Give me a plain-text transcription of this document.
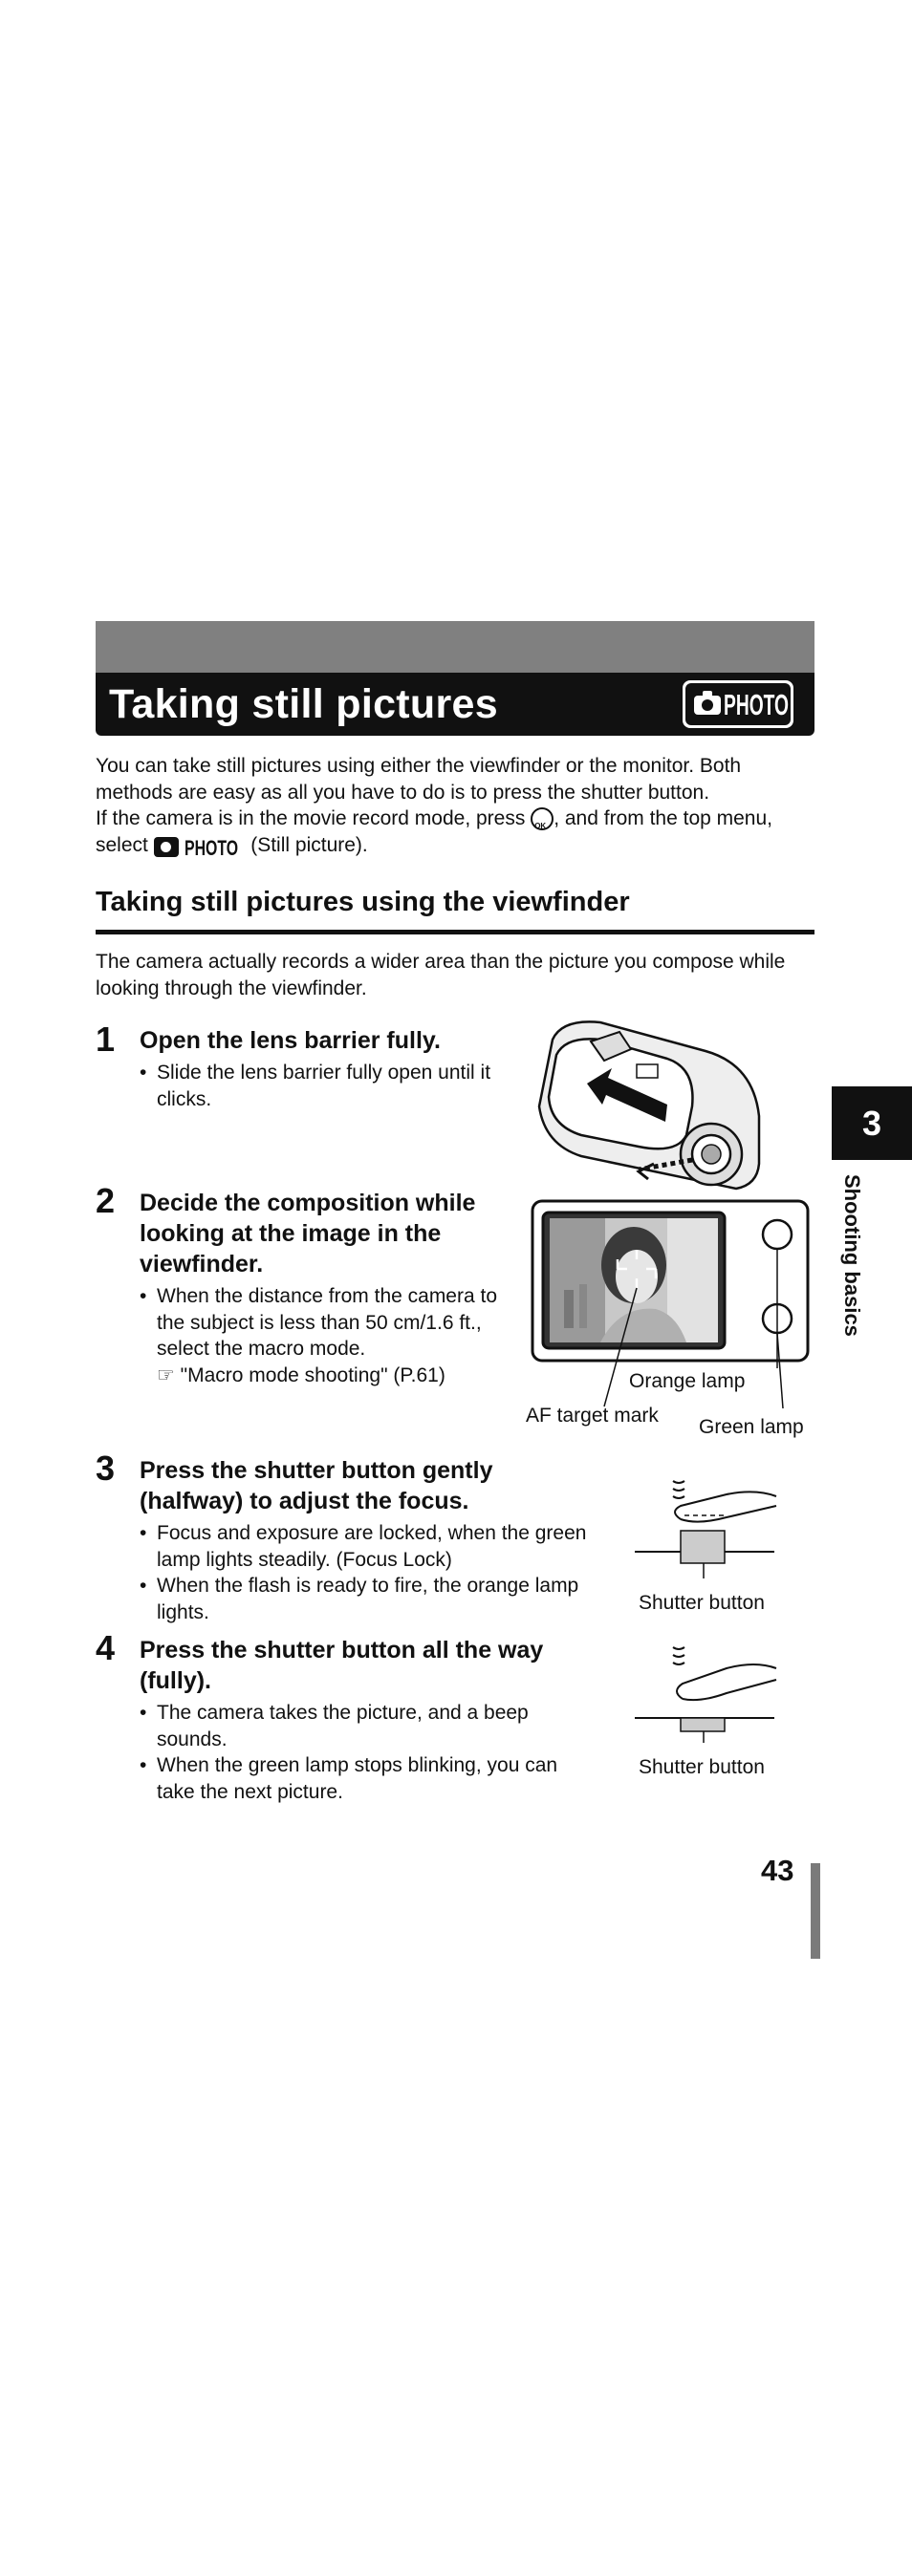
Taking still pictures	PHOTO

You can take still pictures using either the viewfinder or the monitor. Both methods are easy as all you have to do is to press the shutter button.

If the camera is in the movie record mode, press OK , and from the top menu,

select PHOTO (Still picture).

Taking still pictures using the viewfinder
The camera actually records a wider area than the picture you compose while looking through the viewfinder.
1 Open the lens barrier fully.
• Slide the lens barrier fully open until it clicks.
2 Decide the composition while looking at the image in the viewfinder.
• When the distance from the camera to the subject is less than 50 cm/1.6 ft., select the macro mode.
☞ "Macro mode shooting" (P.61)	Orange lamp
AF target mark
Green lamp
3 Press the shutter button gently (halfway) to adjust the focus.
• Focus and exposure are locked, when the green lamp lights steadily. (Focus Lock)
• When the flash is ready to fire, the orange lamp lights.	Shutter button
4 Press the shutter button all the way (fully).
• The camera takes the picture, and a beep sounds.
• When the green lamp stops blinking, you can take the next picture.
Shutter button
3
Shooting basics
43
